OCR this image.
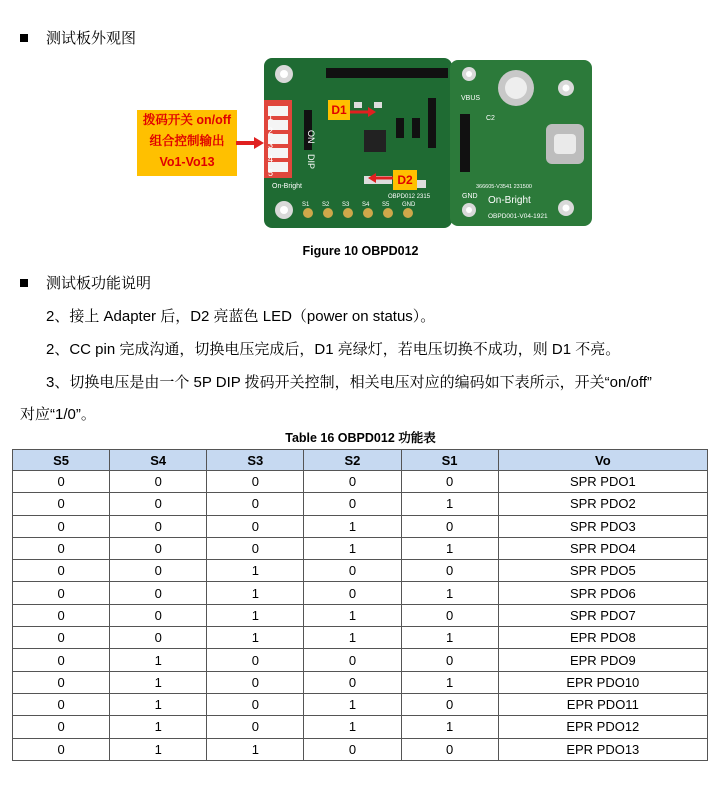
测试板外观图
ON
DIP
On-Bright
OBPD012 2315
VBUS
GND
C2
366605-V3541 231500
On-Bright
OBPD001-V04-1921
S1 S2 S3 S4 S5 GND
1
2
3
4
5
拨码开关 on/off
组合控制输出
Vo1-Vo13
D1
D2
Figure 10 OBPD012
测试板功能说明
2、接上 Adapter 后，D2 亮蓝色 LED（power on status）。
2、CC pin 完成沟通，切换电压完成后，D1 亮绿灯，若电压切换不成功，则 D1 不亮。
3、切换电压是由一个 5P DIP 拨码开关控制，相关电压对应的编码如下表所示，开关“on/off”
对应“1/0”。
Table 16 OBPD012 功能表
S5	S4	S3	S2	S1	Vo
0	0	0	0	0	SPR PDO1
0	0	0	0	1	SPR PDO2
0	0	0	1	0	SPR PDO3
0	0	0	1	1	SPR PDO4
0	0	1	0	0	SPR PDO5
0	0	1	0	1	SPR PDO6
0	0	1	1	0	SPR PDO7
0	0	1	1	1	EPR PDO8
0	1	0	0	0	EPR PDO9
0	1	0	0	1	EPR PDO10
0	1	0	1	0	EPR PDO11
0	1	0	1	1	EPR PDO12
0	1	1	0	0	EPR PDO13
